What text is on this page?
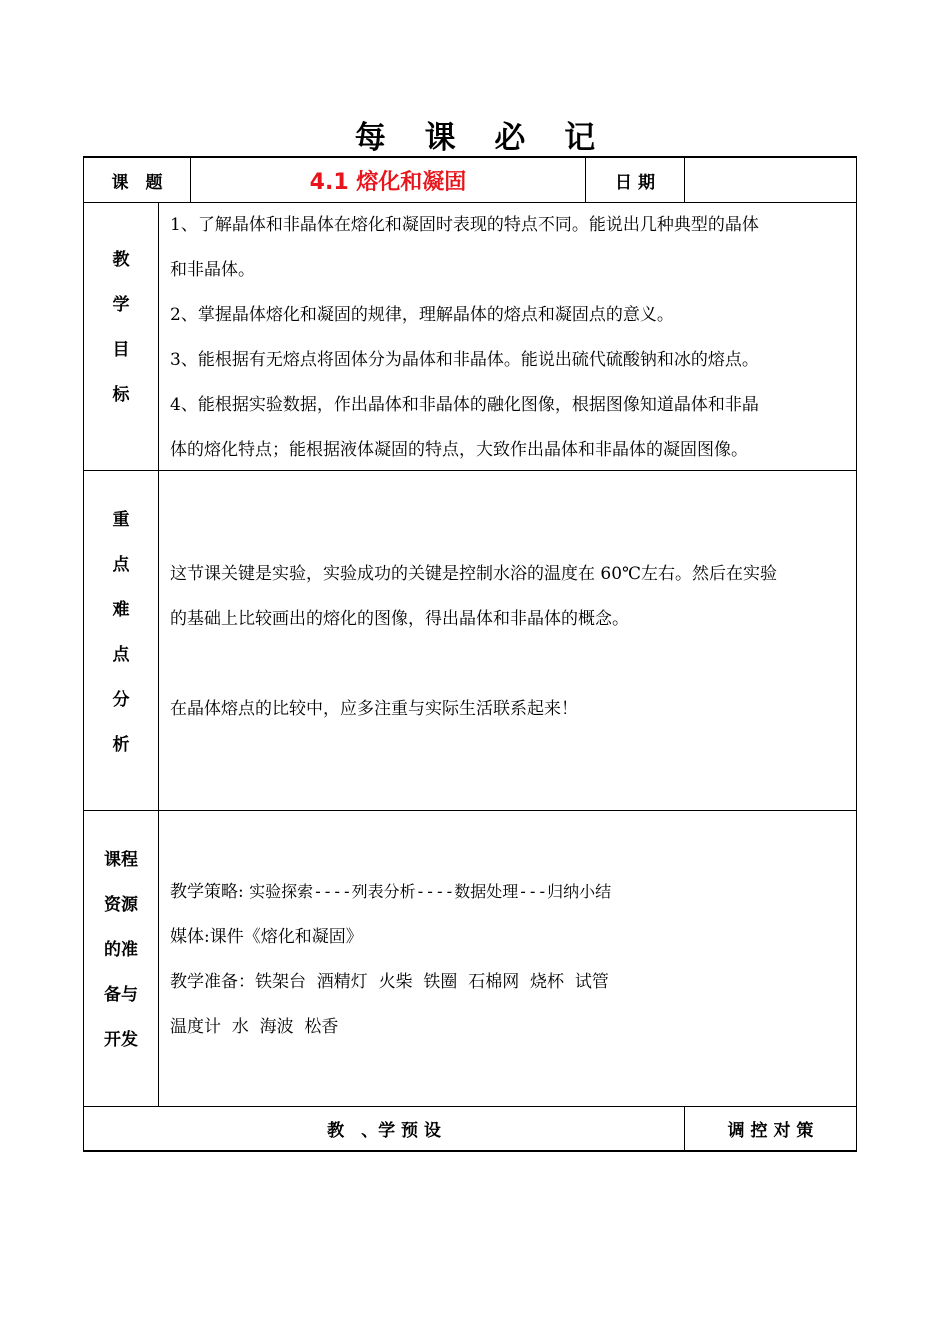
每 课 必 记
课　题	4.1 熔化和凝固	日 期
教
学
目
标
1、了解晶体和非晶体在熔化和凝固时表现的特点不同。能说出几种典型的晶体
和非晶体。
2、掌握晶体熔化和凝固的规律，理解晶体的熔点和凝固点的意义。
3、能根据有无熔点将固体分为晶体和非晶体。能说出硫代硫酸钠和冰的熔点。
4、能根据实验数据，作出晶体和非晶体的融化图像，根据图像知道晶体和非晶
体的熔化特点；能根据液体凝固的特点，大致作出晶体和非晶体的凝固图像。
重
点
难
点
分
析
这节课关键是实验，实验成功的关键是控制水浴的温度在 60℃左右。然后在实验
的基础上比较画出的熔化的图像，得出晶体和非晶体的概念。
在晶体熔点的比较中，应多注重与实际生活联系起来！
课程
资源
的准
备与
开发
教学策略: 实验探索----列表分析----数据处理---归纳小结
媒体:课件《熔化和凝固》
教学准备：铁架台  酒精灯  火柴  铁圈  石棉网  烧杯  试管
温度计  水  海波  松香
教　、学 预 设	调 控 对 策
